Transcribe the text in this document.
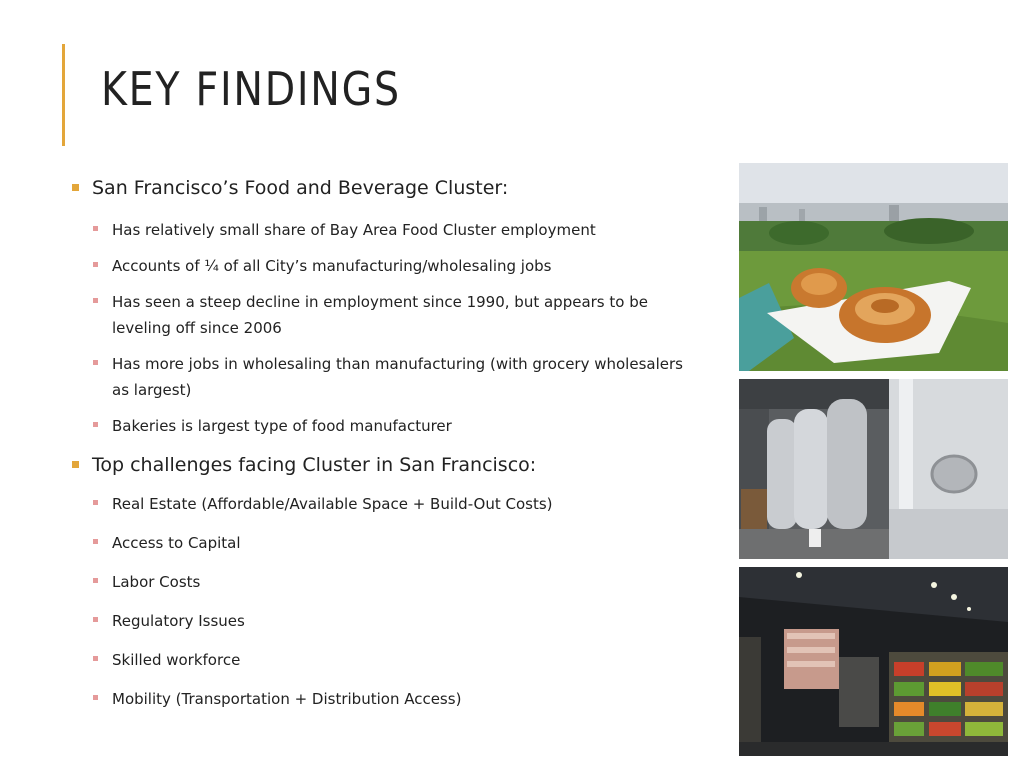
KEY FINDINGS
San Francisco’s Food and Beverage Cluster:
Has relatively small share of Bay Area Food Cluster employment
Accounts of ¼ of all City’s manufacturing/wholesaling jobs
Has seen a steep decline in employment since 1990, but appears to be leveling off since 2006
Has more jobs in wholesaling than manufacturing (with grocery wholesalers as largest)
Bakeries is largest type of food manufacturer
Top challenges facing Cluster in San Francisco:
Real Estate (Affordable/Available Space + Build-Out Costs)
Access to Capital
Labor Costs
Regulatory Issues
Skilled workforce
Mobility (Transportation + Distribution Access)
